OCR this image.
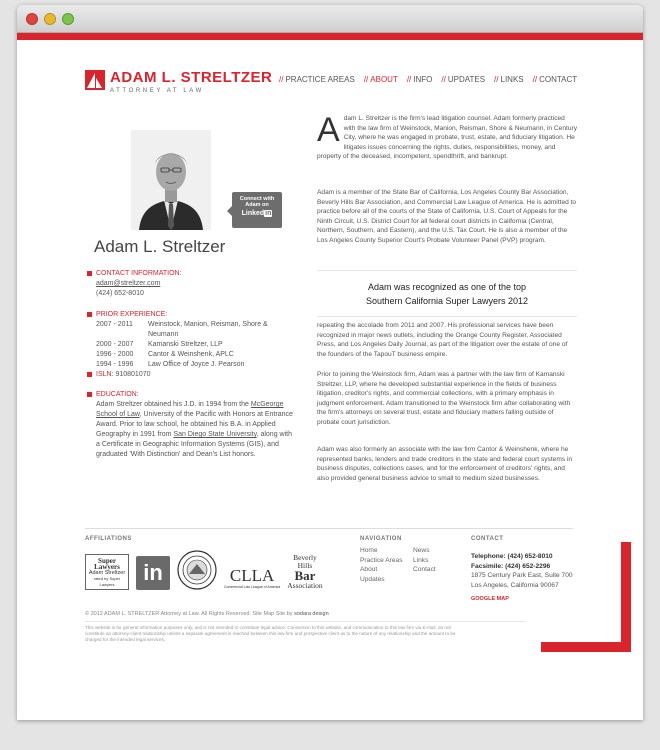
ADAM L. STRELTZER
ATTORNEY AT LAW
// PRACTICE AREAS // ABOUT // INFO // UPDATES // LINKS // CONTACT
Connect with
Adam on
Linkedin
Adam L. Streltzer
CONTACT INFORMATION:
adam@streltzer.com
(424) 652-8010
PRIOR EXPERIENCE:
2007 - 2011	Weinstock, Manion, Reisman, Shore & Neumann
2000 - 2007	Kamanski Streltzer, LLP
1996 - 2000	Cantor & Weinshenk, APLC
1994 - 1996	Law Office of Joyce J. Pearson
ISLN: 910801070
EDUCATION:
Adam Streltzer obtained his J.D. in 1994 from the McGeorge School of Law, University of the Pacific with Honors at Entrance Award. Prior to law school, he obtained his B.A. in Applied Geography in 1991 from San Diego State University, along with a Certificate in Geographic Information Systems (GIS), and graduated 'With Distinction' and Dean's List honors.
A dam L. Streltzer is the firm's lead litigation counsel. Adam formerly practiced with the law firm of Weinstock, Manion, Reisman, Shore & Neumann, in Century City, where he was engaged in probate, trust, estate, and fiduciary litigation. He litigates issues concerning the rights, duties, responsibilities, money, and property of the deceased, incompetent, spendthrift, and bankrupt.
Adam is a member of the State Bar of California, Los Angeles County Bar Association, Beverly Hills Bar Association, and Commercial Law League of America. He is admitted to practice before all of the courts of the State of California, U.S. Court of Appeals for the Ninth Circuit, U.S. District Court for all federal court districts in California (Central, Northern, Southern, and Eastern), and the U.S. Tax Court. He is also a member of the Los Angeles County Superior Court's Probate Volunteer Panel (PVP) program.
Adam was recognized as one of the top
Southern California Super Lawyers 2012
repeating the accolade from 2011 and 2007. His professional services have been recognized in major news outlets, including the Orange County Register, Associated Press, and Los Angeles Daily Journal, as part of the litigation over the estate of one of the founders of the TapouT business empire.
Prior to joining the Weinstock firm, Adam was a partner with the law firm of Kamanski Streltzer, LLP, where he developed substantial experience in the fields of business litigation, creditor's rights, and commercial collections, with a primary emphasis in judgment enforcement. Adam transitioned to the Weinstock firm after collaborating with the firm's attorneys on several trust, estate and fiduciary matters falling outside of probate court jurisdiction.
Adam was also formerly an associate with the law firm Cantor & Weinshenk, where he represented banks, lenders and trade creditors in the state and federal court systems in business disputes, collections cases, and for the enforcement of creditors' rights, and also provided general business advice to small to medium sized businesses.
AFFILIATIONS
Super Lawyers
Adam Streltzer
rated by Super Lawyers	in	CLLA
Commercial Law League of America
Beverly
Hills
Bar
Association
NAVIGATION
Home
Practice Areas
About
Updates
News
Links
Contact
CONTACT
Telephone: (424) 652-8010
Facsimile: (424) 652-2296
1875 Century Park East, Suite 700
Los Angeles, California 90067
GOOGLE MAP
© 2012 ADAM L. STRELTZER Attorney at Law. All Rights Reserved. Site Map Site by sodara design
This website is for general information purposes only, and is not intended to constitute legal advice. Connection to this website, and communication to this law firm via E-mail, do not constitute an attorney-client relationship unless a separate agreement is reached between this law firm and prospective client as to the nature of any relationship and the amount to be charged for the intended legal services.
